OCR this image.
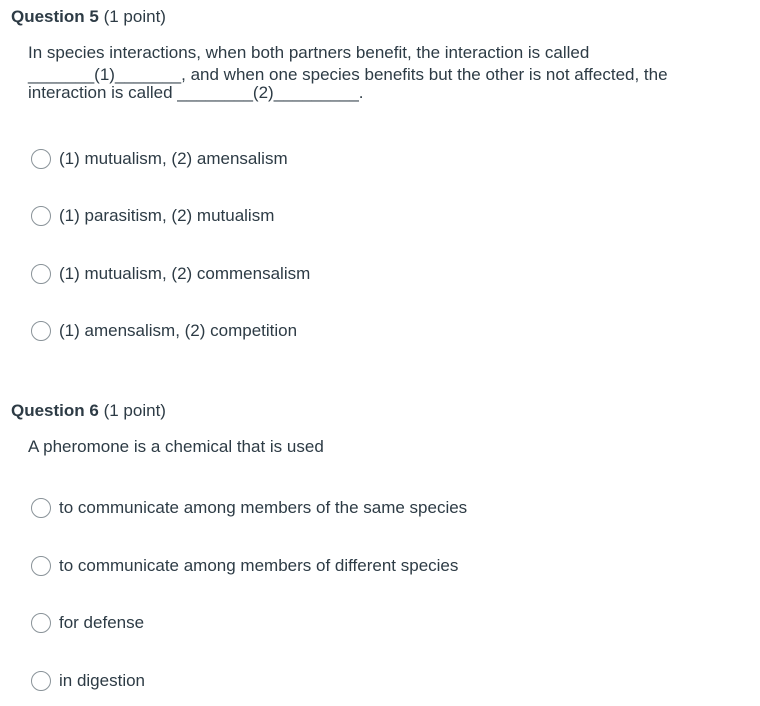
Question 5 (1 point)
In species interactions, when both partners benefit, the interaction is called
_______(1)_______, and when one species benefits but the other is not affected, the
interaction is called ________(2)_________.
(1) mutualism, (2) amensalism
(1) parasitism, (2) mutualism
(1) mutualism, (2) commensalism
(1) amensalism, (2) competition
Question 6 (1 point)
A pheromone is a chemical that is used
to communicate among members of the same species
to communicate among members of different species
for defense
in digestion
